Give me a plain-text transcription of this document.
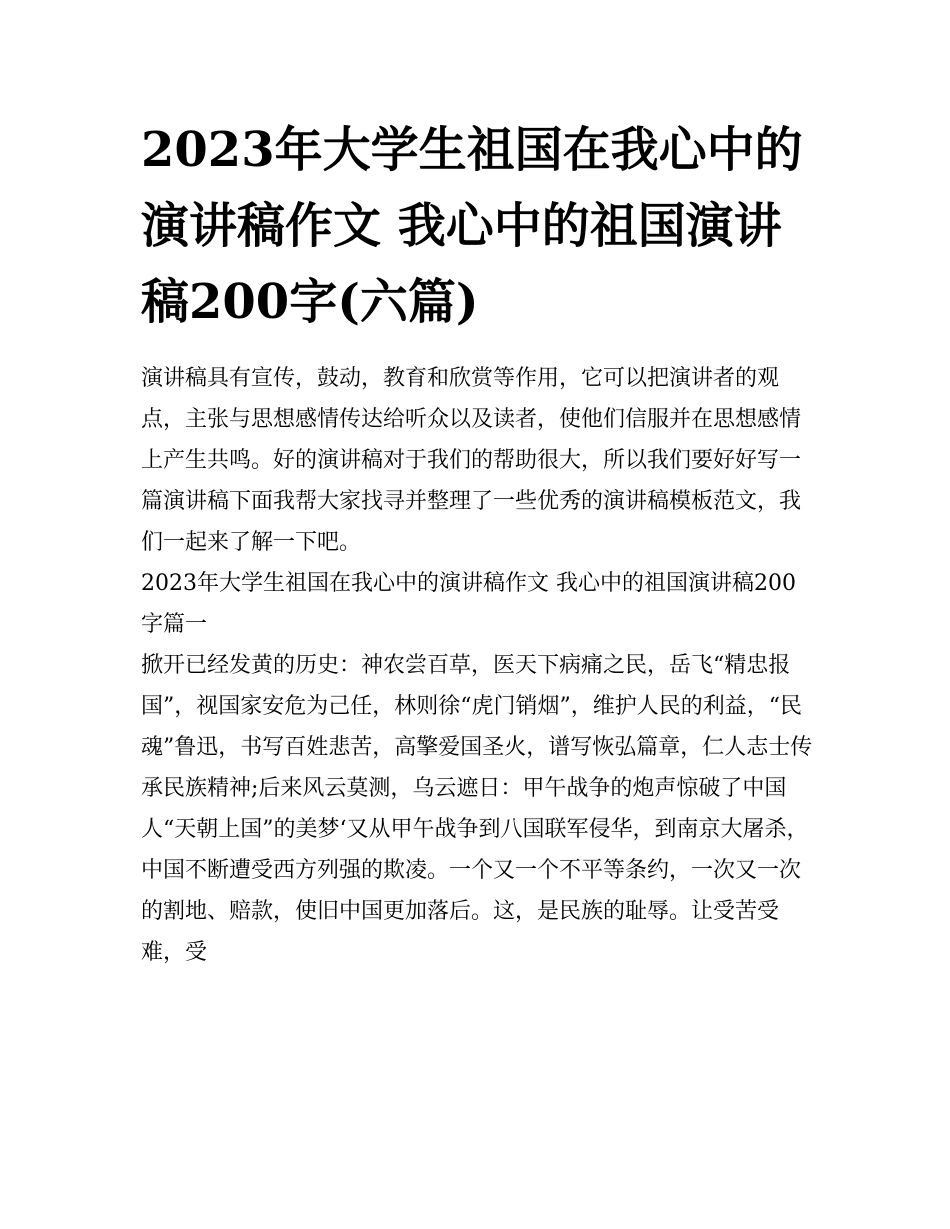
2023年大学生祖国在我心中的演讲稿作文 我心中的祖国演讲稿200字(六篇)

演讲稿具有宣传，鼓动，教育和欣赏等作用，它可以把演讲者的观点，主张与思想感情传达给听众以及读者，使他们信服并在思想感情上产生共鸣。好的演讲稿对于我们的帮助很大，所以我们要好好写一篇演讲稿下面我帮大家找寻并整理了一些优秀的演讲稿模板范文，我们一起来了解一下吧。

2023年大学生祖国在我心中的演讲稿作文 我心中的祖国演讲稿200字篇一

掀开已经发黄的历史：神农尝百草，医天下病痛之民，岳飞“精忠报国”，视国家安危为己任，林则徐“虎门销烟”，维护人民的利益，“民魂”鲁迅，书写百姓悲苦，高擎爱国圣火，谱写恢弘篇章，仁人志士传承民族精神;后来风云莫测，乌云遮日：甲午战争的炮声惊破了中国人“天朝上国”的美梦‘又从甲午战争到八国联军侵华，到南京大屠杀，中国不断遭受西方列强的欺凌。一个又一个不平等条约，一次又一次的割地、赔款，使旧中国更加落后。这，是民族的耻辱。让受苦受难，受
